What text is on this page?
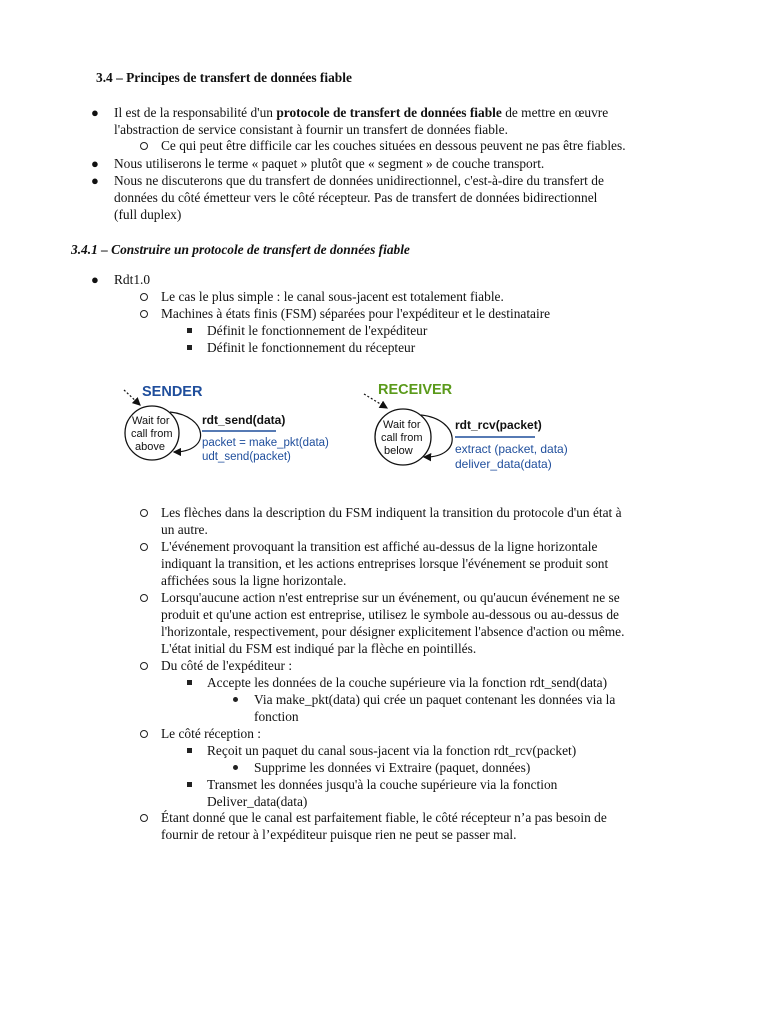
3.4 – Principes de transfert de données fiable
● Il est de la responsabilité d'un protocole de transfert de données fiable de mettre en œuvre
l'abstraction de service consistant à fournir un transfert de données fiable.
Ce qui peut être difficile car les couches situées en dessous peuvent ne pas être fiables.
● Nous utiliserons le terme « paquet » plutôt que « segment » de couche transport.
● Nous ne discuterons que du transfert de données unidirectionnel, c'est-à-dire du transfert de
données du côté émetteur vers le côté récepteur. Pas de transfert de données bidirectionnel
(full duplex)
3.4.1 – Construire un protocole de transfert de données fiable
● Rdt1.0
Le cas le plus simple : le canal sous-jacent est totalement fiable.
Machines à états finis (FSM) séparées pour l'expéditeur et le destinataire
Définit le fonctionnement de l'expéditeur
Définit le fonctionnement du récepteur
SENDER
Wait for
call from
above
rdt_send(data)
packet = make_pkt(data)
udt_send(packet)
RECEIVER
Wait for
call from
below
rdt_rcv(packet)
extract (packet, data)
deliver_data(data)
Les flèches dans la description du FSM indiquent la transition du protocole d'un état à
un autre.
L'événement provoquant la transition est affiché au-dessus de la ligne horizontale
indiquant la transition, et les actions entreprises lorsque l'événement se produit sont
affichées sous la ligne horizontale.
Lorsqu'aucune action n'est entreprise sur un événement, ou qu'aucun événement ne se
produit et qu'une action est entreprise, utilisez le symbole au-dessous ou au-dessus de
l'horizontale, respectivement, pour désigner explicitement l'absence d'action ou même.
L'état initial du FSM est indiqué par la flèche en pointillés.
Du côté de l'expéditeur :
Accepte les données de la couche supérieure via la fonction rdt_send(data)
Via make_pkt(data) qui crée un paquet contenant les données via la
fonction
Le côté réception :
Reçoit un paquet du canal sous-jacent via la fonction rdt_rcv(packet)
Supprime les données vi Extraire (paquet, données)
Transmet les données jusqu'à la couche supérieure via la fonction
Deliver_data(data)
Étant donné que le canal est parfaitement fiable, le côté récepteur n’a pas besoin de
fournir de retour à l’expéditeur puisque rien ne peut se passer mal.
